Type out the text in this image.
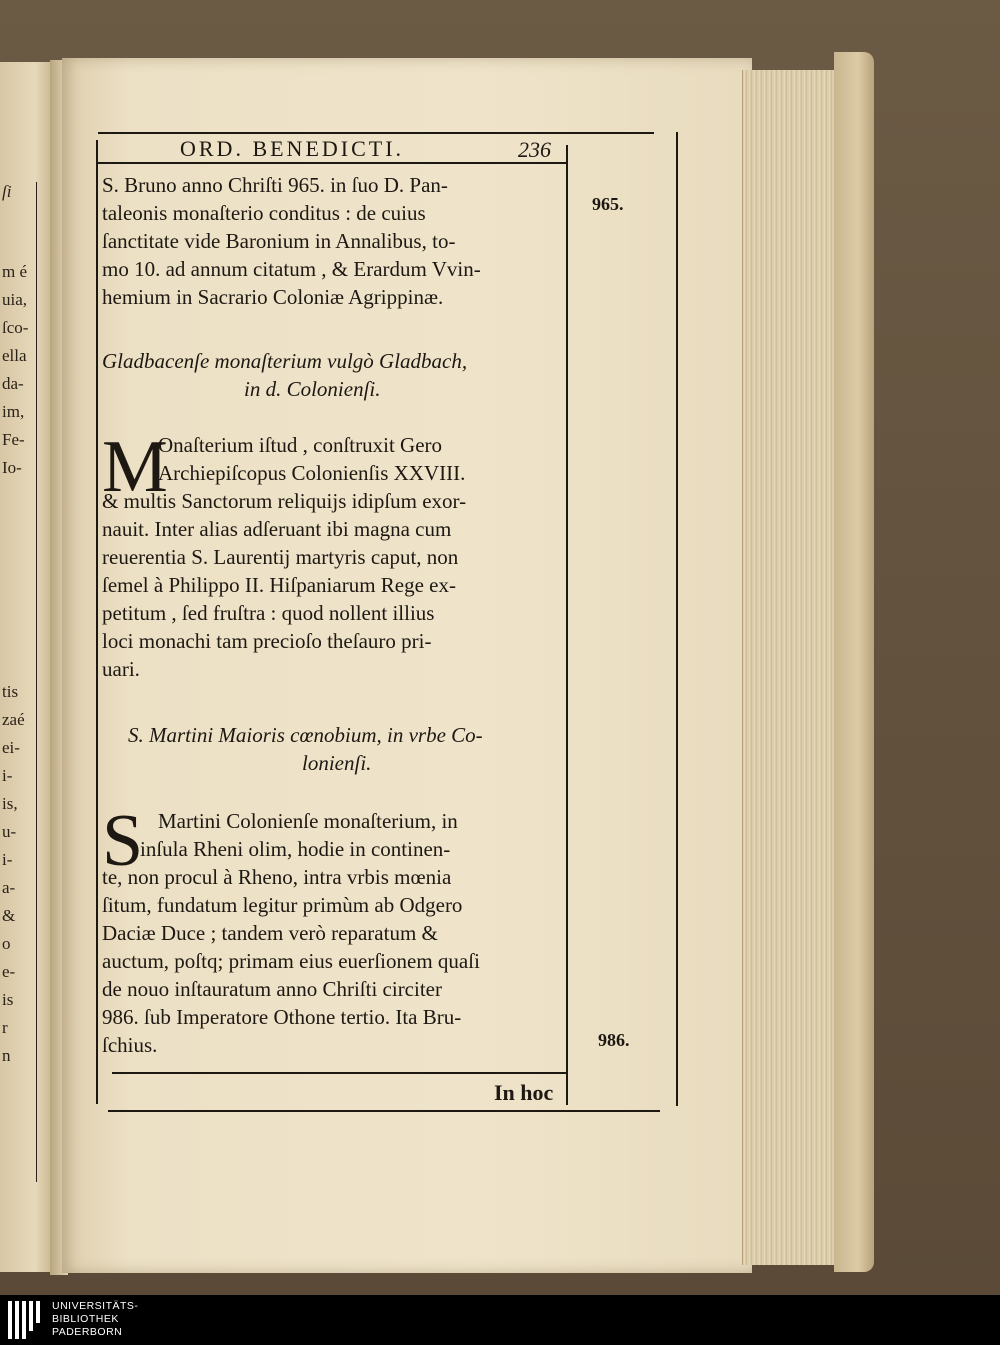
ſi
m é
uia,
ſco-
ella
da-
im,
Fe-
Io-
tis
zaé
ei-
i-
is,
u-
i-
a-
&
o
e-
is
r
n
ORD. BENEDICTI.	236
S. Bruno anno Chriſti 965. in ſuo D. Pan-
taleonis monaſterio conditus : de cuius
ſanctitate vide Baronium in Annalibus, to-
mo 10. ad annum citatum , & Erardum Vvin-
hemium in Sacrario Coloniæ Agrippinæ.
Gladbacenſe monaſterium vulgò Gladbach,
in d. Colonienſi.
M
Onaſterium iſtud , conſtruxit Gero
Archiepiſcopus Colonienſis XXVIII.
& multis Sanctorum reliquijs idipſum exor-
nauit. Inter alias adſeruant ibi magna cum
reuerentia S. Laurentij martyris caput, non
ſemel à Philippo II. Hiſpaniarum Rege ex-
petitum , ſed fruſtra : quod nollent illius
loci monachi tam precioſo theſauro pri-
uari.
S. Martini Maioris cœnobium, in vrbe Co-
lonienſi.
S Martini Colonienſe monaſterium, in
inſula Rheni olim, hodie in continen-
te, non procul à Rheno, intra vrbis mœnia
ſitum, fundatum legitur primùm ab Odgero
Daciæ Duce ; tandem verò reparatum &
auctum, poſtq; primam eius euerſionem quaſi
de nouo inſtauratum anno Chriſti circiter
986. ſub Imperatore Othone tertio. Ita Bru-
ſchius.
965.
986.
In hoc
UNIVERSITÄTS-
BIBLIOTHEK
PADERBORN
